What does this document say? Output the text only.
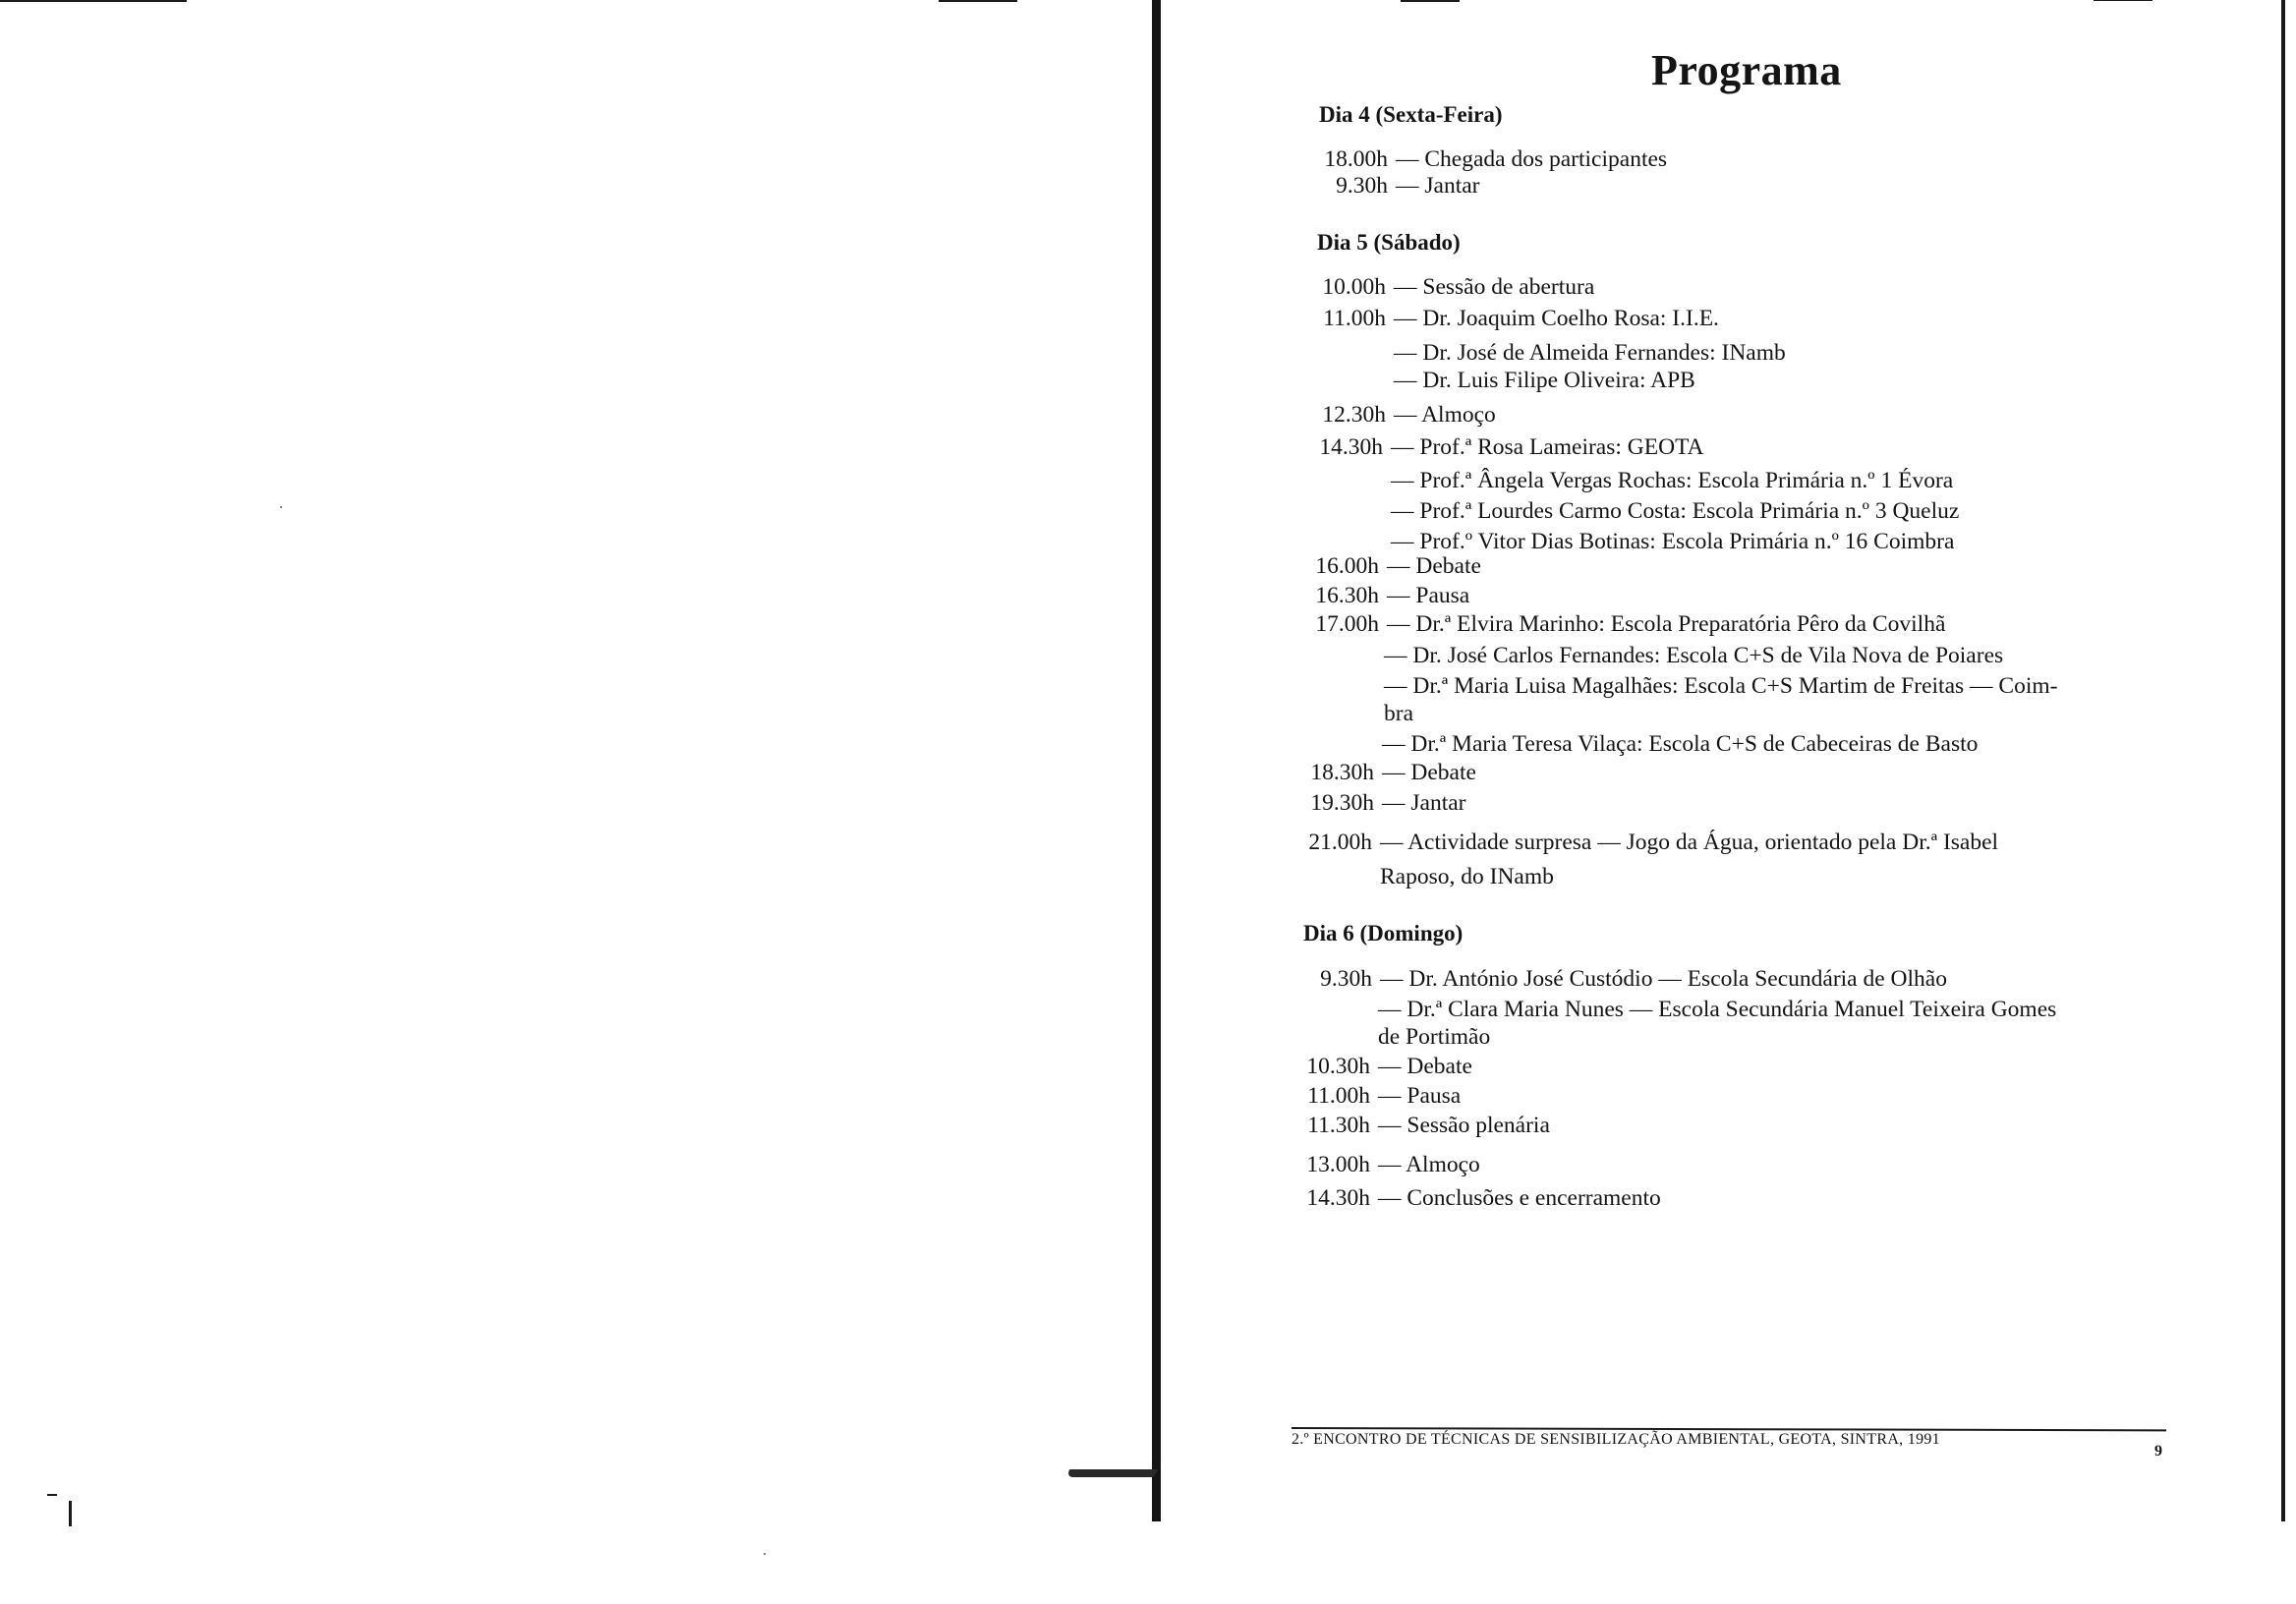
Programa
Dia 4 (Sexta-Feira)
18.00h — Chegada dos participantes
9.30h — Jantar
Dia 5 (Sábado)
10.00h — Sessão de abertura
11.00h — Dr. Joaquim Coelho Rosa: I.I.E.
— Dr. José de Almeida Fernandes: INamb
— Dr. Luis Filipe Oliveira: APB
12.30h — Almoço
14.30h — Prof.ª Rosa Lameiras: GEOTA
— Prof.ª Ângela Vergas Rochas: Escola Primária n.º 1 Évora
— Prof.ª Lourdes Carmo Costa: Escola Primária n.º 3 Queluz
— Prof.º Vitor Dias Botinas: Escola Primária n.º 16 Coimbra
16.00h — Debate
16.30h — Pausa
17.00h — Dr.ª Elvira Marinho: Escola Preparatória Pêro da Covilhã
— Dr. José Carlos Fernandes: Escola C+S de Vila Nova de Poiares
— Dr.ª Maria Luisa Magalhães: Escola C+S Martim de Freitas — Coim-
bra
— Dr.ª Maria Teresa Vilaça: Escola C+S de Cabeceiras de Basto
18.30h — Debate
19.30h — Jantar
21.00h — Actividade surpresa — Jogo da Água, orientado pela Dr.ª Isabel
Raposo, do INamb
Dia 6 (Domingo)
9.30h — Dr. António José Custódio — Escola Secundária de Olhão
— Dr.ª Clara Maria Nunes — Escola Secundária Manuel Teixeira Gomes
de Portimão
10.30h — Debate
11.00h — Pausa
11.30h — Sessão plenária
13.00h — Almoço
14.30h — Conclusões e encerramento
2.º ENCONTRO DE TÉCNICAS DE SENSIBILIZAÇÃO AMBIENTAL, GEOTA, SINTRA, 1991
9
